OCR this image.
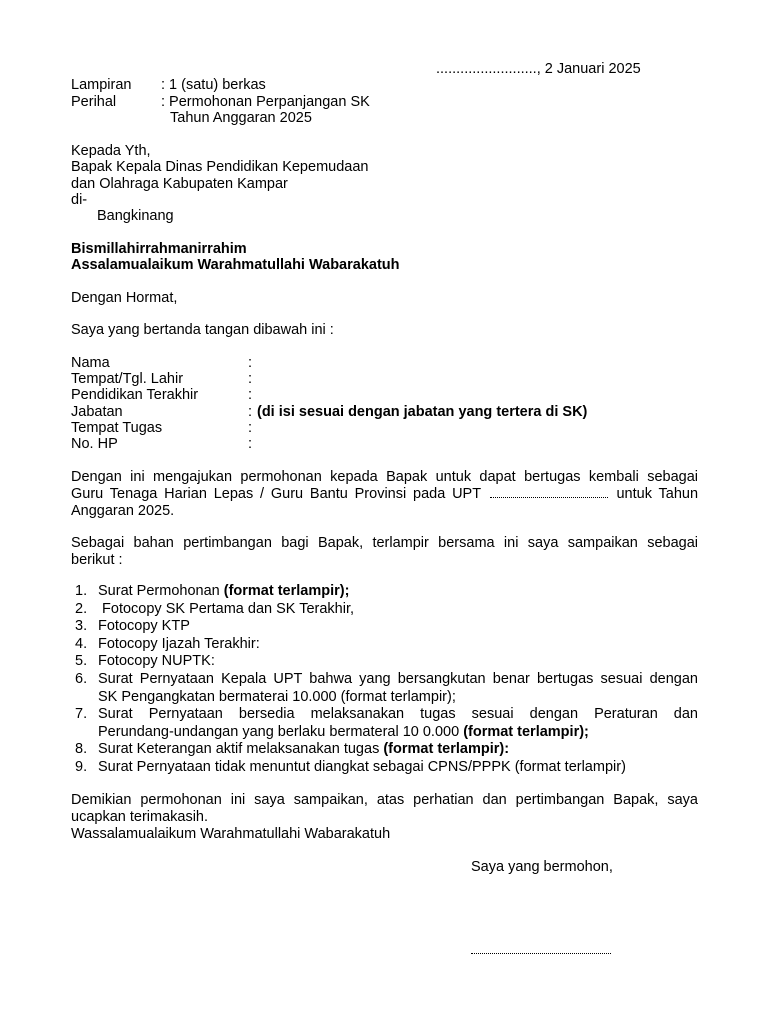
........................., 2 Januari 2025
Lampiran : 1 (satu) berkas
Perihal	: Permohonan Perpanjangan SK
Tahun Anggaran 2025
Kepada Yth,
Bapak Kepala Dinas Pendidikan Kepemudaan
dan Olahraga Kabupaten Kampar
di-
Bangkinang
Bismillahirrahmanirrahim
Assalamualaikum Warahmatullahi Wabarakatuh
Dengan Hormat,
Saya yang bertanda tangan dibawah ini :
Nama	:
Tempat/Tgl. Lahir	:
Pendidikan Terakhir	:
Jabatan	: (di isi sesuai dengan jabatan yang tertera di SK)
Tempat Tugas	:
No. HP	:
Dengan ini mengajukan permohonan kepada Bapak untuk dapat bertugas kembali sebagai
Guru Tenaga Harian Lepas / Guru Bantu Provinsi pada UPT	untuk Tahun
Anggaran 2025.
Sebagai bahan pertimbangan bagi Bapak, terlampir bersama ini saya sampaikan sebagai
berikut :
1. Surat Permohonan (format terlampir);
2. Fotocopy SK Pertama dan SK Terakhir,
3. Fotocopy KTP
4. Fotocopy Ijazah Terakhir:
5. Fotocopy NUPTK:
6. Surat Pernyataan Kepala UPT bahwa yang bersangkutan benar bertugas sesuai dengan
SK Pengangkatan bermaterai 10.000 (format terlampir);
7. Surat Pernyataan bersedia melaksanakan tugas sesuai dengan Peraturan dan
Perundang-undangan yang berlaku bermateral 10 0.000 (format terlampir);
8. Surat Keterangan aktif melaksanakan tugas (format terlampir):
9. Surat Pernyataan tidak menuntut diangkat sebagai CPNS/PPPK (format terlampir)
Demikian permohonan ini saya sampaikan, atas perhatian dan pertimbangan Bapak, saya
ucapkan terimakasih.
Wassalamualaikum Warahmatullahi Wabarakatuh
Saya yang bermohon,
